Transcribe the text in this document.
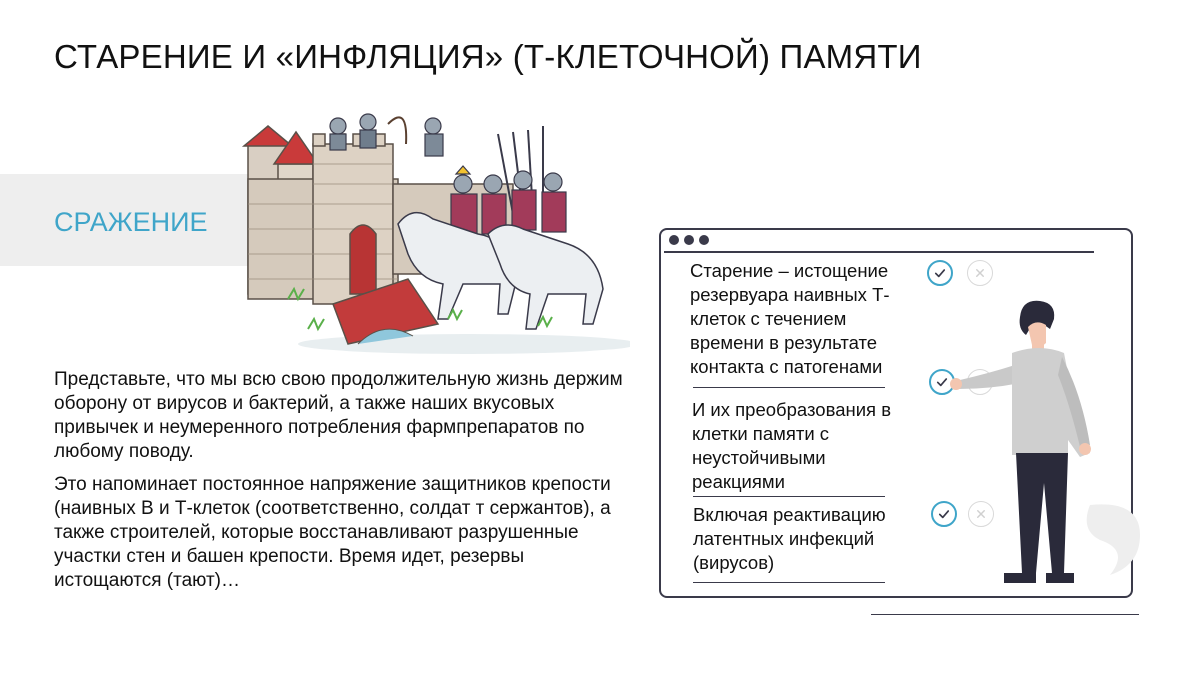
СТАРЕНИЕ И «ИНФЛЯЦИЯ» (Т-КЛЕТОЧНОЙ) ПАМЯТИ
СРАЖЕНИЕ

Представьте, что мы всю свою продолжительную жизнь держим оборону от вирусов и бактерий, а также наших вкусовых привычек и неумеренного потребления фармпрепаратов по любому поводу.

Это напоминает постоянное напряжение защитников крепости (наивных В и Т-клеток (соответственно, солдат т сержантов), а также строителей, которые восстанавливают разрушенные участки стен и башен крепости. Время идет, резервы истощаются (тают)…

Старение – истощение резервуара наивных Т-клеток с течением времени в результате контакта с патогенами
И их преобразования в клетки памяти с неустойчивыми реакциями
Включая реактивацию латентных инфекций (вирусов)
